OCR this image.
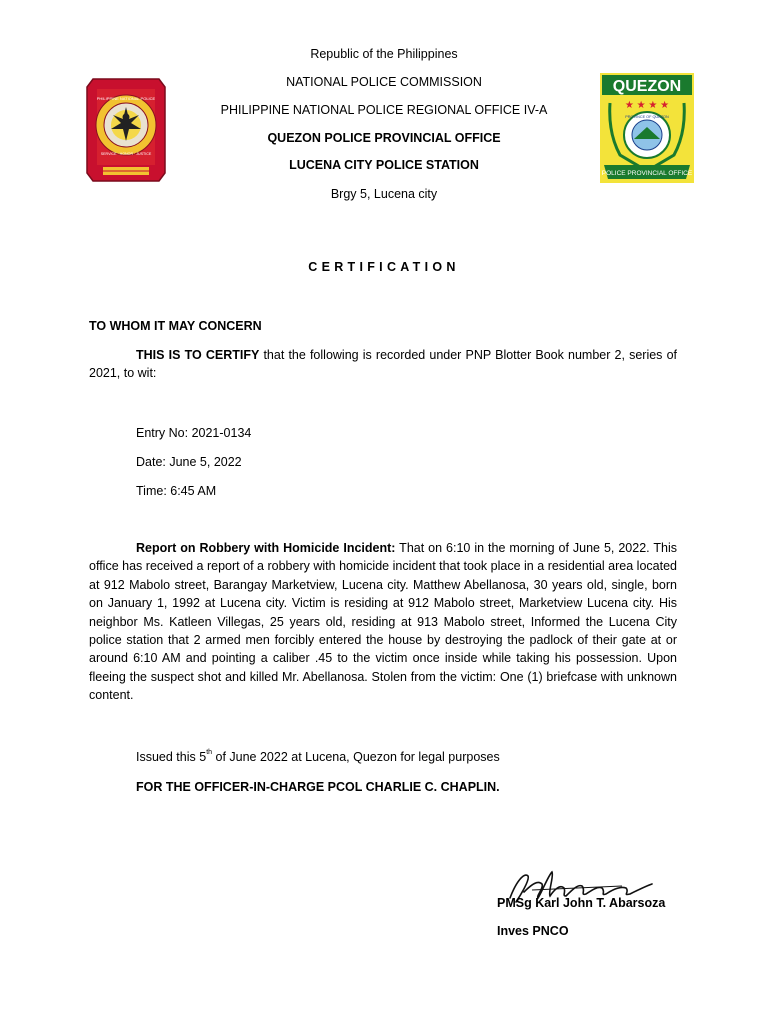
PHILIPPINE NATIONAL POLICE
SERVICE · HONOR · JUSTICE
Republic of the Philippines
NATIONAL POLICE COMMISSION
PHILIPPINE NATIONAL POLICE REGIONAL OFFICE IV-A
QUEZON POLICE PROVINCIAL OFFICE
LUCENA CITY POLICE STATION
Brgy 5, Lucena city
QUEZON
★ ★ ★ ★
PROVINCE OF QUEZON
POLICE PROVINCIAL OFFICE
CERTIFICATION
TO WHOM IT MAY CONCERN
THIS IS TO CERTIFY that the following is recorded under PNP Blotter Book number 2, series of 2021, to wit:
Entry No: 2021-0134
Date: June 5, 2022
Time: 6:45 AM
Report on Robbery with Homicide Incident: That on 6:10 in the morning of June 5, 2022. This office has received a report of a robbery with homicide incident that took place in a residential area located at 912 Mabolo street, Barangay Marketview, Lucena city. Matthew Abellanosa, 30 years old, single, born on January 1, 1992 at Lucena city. Victim is residing at 912 Mabolo street, Marketview Lucena city. His neighbor Ms. Katleen Villegas, 25 years old, residing at 913 Mabolo street, Informed the Lucena City police station that 2 armed men forcibly entered the house by destroying the padlock of their gate at or around 6:10 AM and pointing a caliber .45 to the victim once inside while taking his possession. Upon fleeing the suspect shot and killed Mr. Abellanosa. Stolen from the victim: One (1) briefcase with unknown content.
Issued this 5th of June 2022 at Lucena, Quezon for legal purposes
FOR THE OFFICER-IN-CHARGE PCOL CHARLIE C. CHAPLIN.
PMSg Karl John T. Abarsoza
Inves PNCO
